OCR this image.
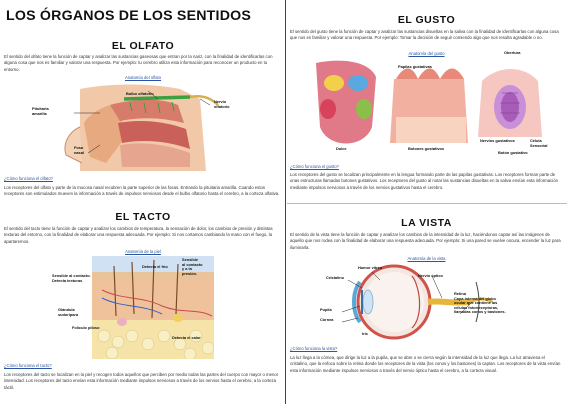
LOS ÓRGANOS DE LOS SENTIDOS
EL OLFATO
El sentido del olfato tiene la función de captar y analizar las sustancias gaseosas que entran por la nariz, con la finalidad de identificarlas con alguna cosa que nos es familiar y valorar una respuesta. Por ejemplo: tu cerebro utiliza esta información para reconocer un producto en tu entorno.
Anatomía del olfato
Bulbo olfatorio
Nervio
olfatorio
Pituitaria
amarilla
Fosa
nasal
¿Cómo funciona el olfato?
Los receptores del olfato y parte de la mucosa nasal recubren la parte superior de las fosas. Entrando la pituitaria amarilla. Cuando estos receptores son estimulados mueven la información a través de impulsos nerviosos desde el bulbo olfatorio hasta el cerebro, a la corteza olfativa.
EL TACTO
El sentido del tacto tiene la función de captar y analizar los cambios de temperatura, la sensación de dolor, los cambios de presión y distintas texturas del entorno, con la finalidad de elaborar una respuesta adecuada. Por ejemplo: Si nos cortamos cambiando la mano con el fuego, la apartaremos.
Anatomía de la piel
Sensible al contacto.
Detecta texturas
Detecta el frío
Sensible
al contacto
y a la
presión.
Glándula
sudorípara
Folículo piloso
Detecta el calor
¿Cómo funciona el tacto?
Los receptores del tacto se localizan en la piel y recogen todos aquellos que perciben por medio todas las partes del cuerpo con mayor o menor intensidad. Los receptores del tacto envían esta información mediante impulsos nerviosos a través de los nervios hasta el cerebro, a la corteza táctil.
EL GUSTO
El sentido del gusto tiene la función de captar y analizar las sustancias disueltas en la saliva con la finalidad de identificarlas con alguna cosa que nos es familiar y valorar una respuesta. Por ejemplo: Tomar la decisión de seguir comiendo algo que nos resulta agradable o no.
Anatomía del gusto
Papilas gustativas
Dulce	Botones gustativos
Obertura
Nervios gustativos	Célula
Sensorial
Botón gustativo
¿Cómo funciona el gusto?
Los receptores del gusto se localizan principalmente en la lengua formando parte de las papilas gustativas. Los receptores forman parte de unas estructuras llamadas botones gustativos. Los receptores del gusto al notar las sustancias disueltas en la saliva envían esta información mediante impulsos nerviosos a través de los nervios gustativos hasta el cerebro.
LA VISTA
El sentido de la vista tiene la función de captar y analizar los cambios de la intensidad de la luz, haciéndonos captar así las imágenes de aquello que nos rodea con la finalidad de elaborar una respuesta adecuada. Por ejemplo: Si una pared se vuelve oscura, encender la luz para iluminarla.
Anatomía de la vista
Humor vítreo
Cristalino	Nervio óptico
Pupila
Córnea
Iris
Retina
Capa interna del globo
ocular que contiene las
células fotorreceptoras,
llamadas conos y bastones.
¿Cómo funciona la vista?
La luz llega a la córnea, que dirige la luz a la pupila, que se abre o se cierra según la intensidad de la luz que llega. La luz atraviesa el cristalino, que la enfoca sobre la retina donde los receptores de la vista (los conos y los bastones) la captan. Los receptores de la vista envían esta información mediante impulsos nerviosos a través del nervio óptico hasta el cerebro, a la corteza visual.
